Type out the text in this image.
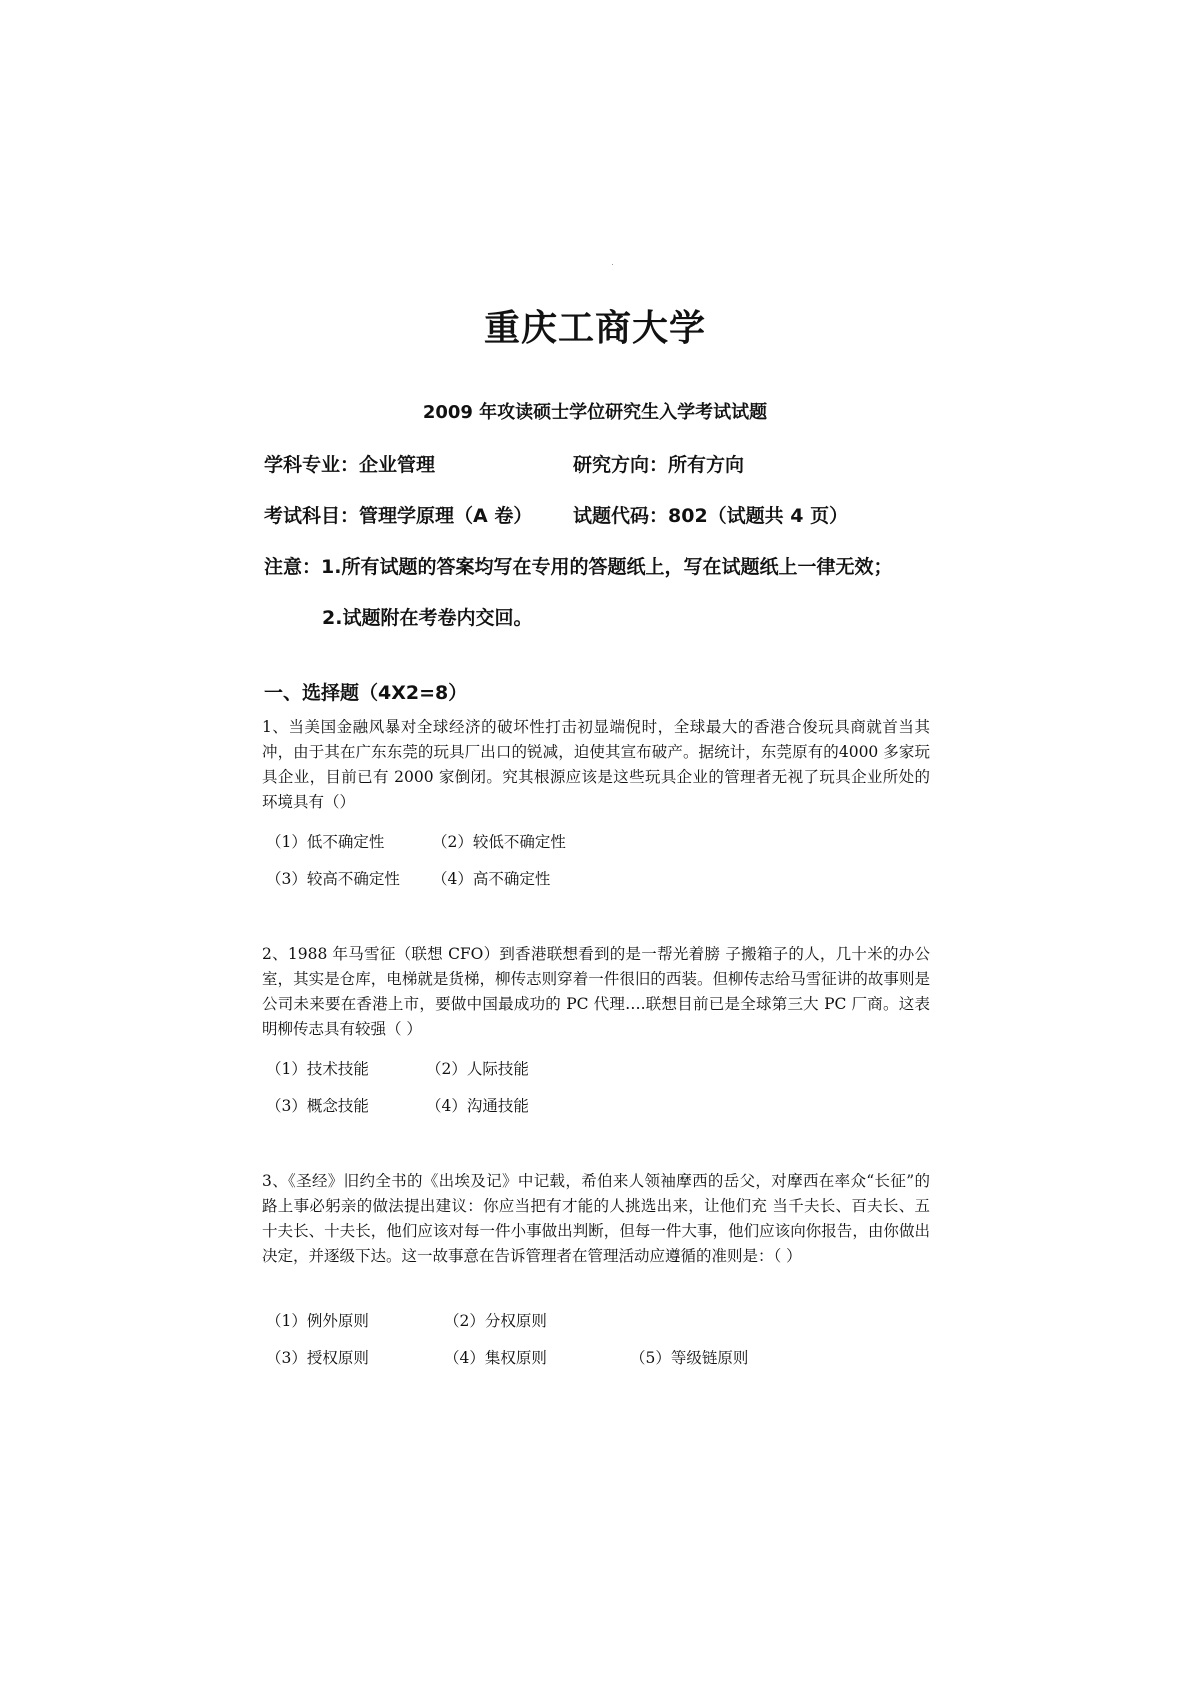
重庆工商大学
2009 年攻读硕士学位研究生入学考试试题
学科专业：企业管理	研究方向：所有方向
考试科目：管理学原理（A 卷） 试题代码：802（试题共 4 页）
注意：1.所有试题的答案均写在专用的答题纸上，写在试题纸上一律无效；
2.试题附在考卷内交回。
一、选择题（4X2=8）

1、当美国金融风暴对全球经济的破坏性打击初显端倪时，全球最大的香港合俊玩具商就首当其冲，由于其在广东东莞的玩具厂出口的锐减，迫使其宣布破产。据统计，东莞原有的4000 多家玩具企业，目前已有 2000 家倒闭。究其根源应该是这些玩具企业的管理者无视了玩具企业所处的环境具有（）

（1）低不确定性	（2）较低不确定性
（3）较高不确定性 （4）高不确定性

2、1988 年马雪征（联想 CFO）到香港联想看到的是一帮光着膀 子搬箱子的人，几十米的办公室，其实是仓库，电梯就是货梯，柳传志则穿着一件很旧的西装。但柳传志给马雪征讲的故事则是公司未来要在香港上市，要做中国最成功的 PC 代理….联想目前已是全球第三大 PC 厂商。这表明柳传志具有较强（ ）

（1）技术技能	（2）人际技能
（3）概念技能	（4）沟通技能

3、《圣经》旧约全书的《出埃及记》中记载，希伯来人领袖摩西的岳父，对摩西在率众“长征”的路上事必躬亲的做法提出建议：你应当把有才能的人挑选出来，让他们充 当千夫长、百夫长、五十夫长、十夫长，他们应该对每一件小事做出判断，但每一件大事，他们应该向你报告，由你做出决定，并逐级下达。这一故事意在告诉管理者在管理活动应遵循的准则是：（ ）

（1）例外原则	（2）分权原则
（3）授权原则	（4）集权原则	（5）等级链原则
